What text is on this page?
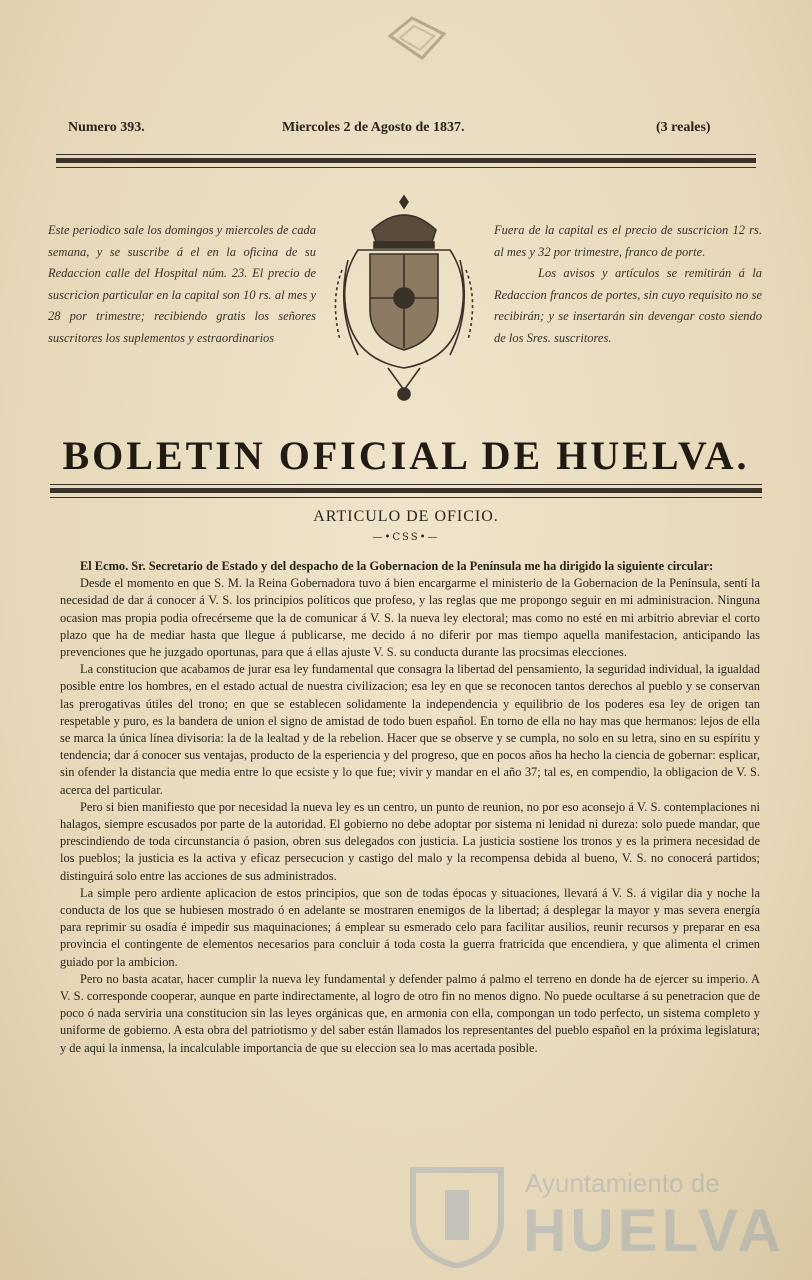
Numero 393.	Miercoles 2 de Agosto de 1837.	(3 reales)

Este periodico sale los domingos y miercoles de cada semana, y se suscribe á el en la oficina de su Redaccion calle del Hospital núm. 23. El precio de suscricion particular en la capital son 10 rs. al mes y 28 por trimestre; recibiendo gratis los señores suscritores los suplementos y estraordinarios

Fuera de la capital es el precio de suscricion 12 rs. al mes y 32 por trimestre, franco de porte.

Los avisos y artículos se remitirán á la Redaccion francos de portes, sin cuyo requisito no se recibirán; y se insertarán sin devengar costo siendo de los Sres. suscritores.

BOLETIN OFICIAL DE HUELVA.
ARTICULO DE OFICIO.
—•CSS•—

El Ecmo. Sr. Secretario de Estado y del despacho de la Gobernacion de la Península me ha dirigido la siguiente circular:

Desde el momento en que S. M. la Reina Gobernadora tuvo á bien encargarme el ministerio de la Gobernacion de la Península, sentí la necesidad de dar á conocer á V. S. los principios políticos que profeso, y las reglas que me propongo seguir en mi administracion. Ninguna ocasion mas propia podia ofrecérseme que la de comunicar á V. S. la nueva ley electoral; mas como no esté en mi arbitrio abreviar el corto plazo que ha de mediar hasta que llegue á publicarse, me decido á no diferir por mas tiempo aquella manifestacion, anticipando las prevenciones que he juzgado oportunas, para que á ellas ajuste V. S. su conducta durante las procsimas elecciones.

La constitucion que acabamos de jurar esa ley fundamental que consagra la libertad del pensamiento, la seguridad individual, la igualdad posible entre los hombres, en el estado actual de nuestra civilizacion; esa ley en que se reconocen tantos derechos al pueblo y se conservan las prerogativas útiles del trono; en que se establecen solidamente la independencia y equilibrio de los poderes esa ley de origen tan respetable y puro, es la bandera de union el signo de amistad de todo buen español. En torno de ella no hay mas que hermanos: lejos de ella se marca la única línea divisoria: la de la lealtad y de la rebelion. Hacer que se observe y se cumpla, no solo en su letra, sino en su espíritu y tendencia; dar á conocer sus ventajas, producto de la esperiencia y del progreso, que en pocos años ha hecho la ciencia de gobernar: esplicar, sin ofender la distancia que media entre lo que ecsiste y lo que fue; vivir y mandar en el año 37; tal es, en compendio, la obligacion de V. S. acerca del particular.

Pero si bien manifiesto que por necesidad la nueva ley es un centro, un punto de reunion, no por eso aconsejo á V. S. contemplaciones ni halagos, siempre escusados por parte de la autoridad. El gobierno no debe adoptar por sistema ni lenidad ni dureza: solo puede mandar, que prescindiendo de toda circunstancia ó pasion, obren sus delegados con justicia. La justicia sostiene los tronos y es la primera necesidad de los pueblos; la justicia es la activa y eficaz persecucion y castigo del malo y la recompensa debida al bueno, V. S. no conocerá partidos; distinguirá solo entre las acciones de sus administrados.

La simple pero ardiente aplicacion de estos principios, que son de todas épocas y situaciones, llevará á V. S. á vigilar dia y noche la conducta de los que se hubiesen mostrado ó en adelante se mostraren enemigos de la libertad; á desplegar la mayor y mas severa energía para reprimir su osadía é impedir sus maquinaciones; á emplear su esmerado celo para facilitar ausilios, reunir recursos y preparar en esa provincia el contingente de elementos necesarios para concluir á toda costa la guerra fratricida que encendiera, y que alimenta el crimen guiado por la ambicion.

Pero no basta acatar, hacer cumplir la nueva ley fundamental y defender palmo á palmo el terreno en donde ha de ejercer su imperio. A V. S. corresponde cooperar, aunque en parte indirectamente, al logro de otro fin no menos digno. No puede ocultarse á su penetracion que de poco ó nada serviria una constitucion sin las leyes orgánicas que, en armonia con ella, compongan un todo perfecto, un sistema completo y uniforme de gobierno. A esta obra del patriotismo y del saber están llamados los representantes del pueblo español en la próxima legislatura; y de aqui la inmensa, la incalculable importancia de que su eleccion sea lo mas acertada posible.

Ayuntamiento de
HUELVA
